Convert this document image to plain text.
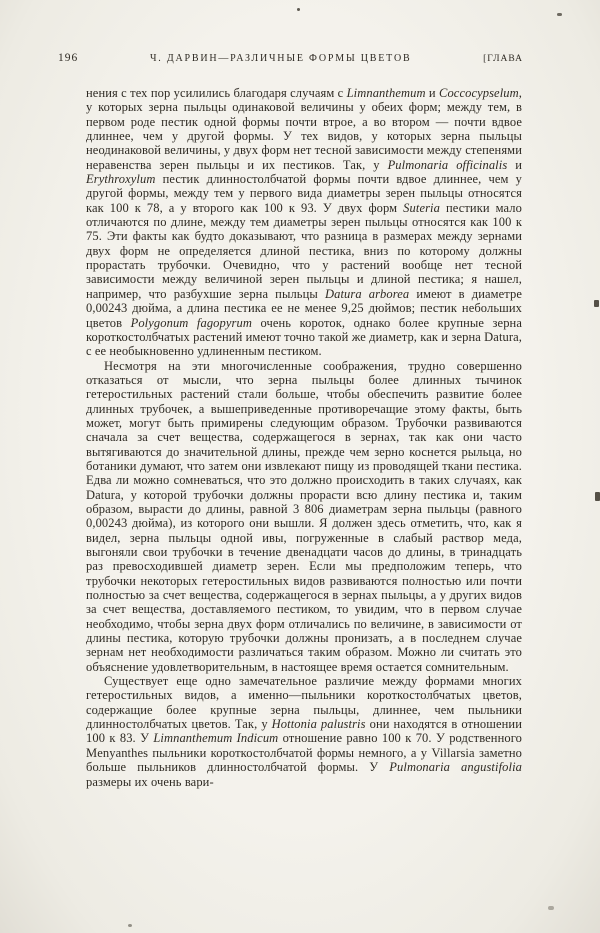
196	Ч. ДАРВИН—РАЗЛИЧНЫЕ ФОРМЫ ЦВЕТОВ	[ГЛАВА

нения с тех пор усилились благодаря случаям с Limnanthemum и Coccocypselum, у которых зерна пыльцы одинаковой величины у обеих форм; между тем, в первом роде пестик одной формы почти втрое, а во втором — почти вдвое длиннее, чем у другой формы. У тех видов, у которых зерна пыльцы неодинаковой величины, у двух форм нет тесной зависимости между степенями неравенства зерен пыльцы и их пестиков. Так, у Pulmonaria officinalis и Erythroxylum пестик длинностолбчатой формы почти вдвое длиннее, чем у другой формы, между тем у первого вида диаметры зерен пыльцы относятся как 100 к 78, а у второго как 100 к 93. У двух форм Suteria пестики мало отличаются по длине, между тем диаметры зерен пыльцы относятся как 100 к 75. Эти факты как будто доказывают, что разница в размерах между зернами двух форм не определяется длиной пестика, вниз по которому должны прорастать трубочки. Очевидно, что у растений вообще нет тесной зависимости между величиной зерен пыльцы и длиной пестика; я нашел, например, что разбухшие зерна пыльцы Datura arborea имеют в диаметре 0,00243 дюйма, а длина пестика ее не менее 9,25 дюймов; пестик небольших цветов Polygonum fagopyrum очень короток, однако более крупные зерна короткостолбчатых растений имеют точно такой же диаметр, как и зерна Datura, с ее необыкновенно удлиненным пестиком.

Несмотря на эти многочисленные соображения, трудно совершенно отказаться от мысли, что зерна пыльцы более длинных тычинок гетеростильных растений стали больше, чтобы обеспечить развитие более длинных трубочек, а вышеприведенные противоречащие этому факты, быть может, могут быть примирены следующим образом. Трубочки развиваются сначала за счет вещества, содержащегося в зернах, так как они часто вытягиваются до значительной длины, прежде чем зерно коснется рыльца, но ботаники думают, что затем они извлекают пищу из проводящей ткани пестика. Едва ли можно сомневаться, что это должно происходить в таких случаях, как Datura, у которой трубочки должны прорасти всю длину пестика и, таким образом, вырасти до длины, равной 3 806 диаметрам зерна пыльцы (равного 0,00243 дюйма), из которого они вышли. Я должен здесь отметить, что, как я видел, зерна пыльцы одной ивы, погруженные в слабый раствор меда, выгоняли свои трубочки в течение двенадцати часов до длины, в тринадцать раз превосходившей диаметр зерен. Если мы предположим теперь, что трубочки некоторых гетеростильных видов развиваются полностью или почти полностью за счет вещества, содержащегося в зернах пыльцы, а у других видов за счет вещества, доставляемого пестиком, то увидим, что в первом случае необходимо, чтобы зерна двух форм отличались по величине, в зависимости от длины пестика, которую трубочки должны пронизать, а в последнем случае зернам нет необходимости различаться таким образом. Можно ли считать это объяснение удовлетворительным, в настоящее время остается сомнительным.

Существует еще одно замечательное различие между формами многих гетеростильных видов, а именно—пыльники короткостолбчатых цветов, содержащие более крупные зерна пыльцы, длиннее, чем пыльники длинностолбчатых цветов. Так, у Hottonia palustris они находятся в отношении 100 к 83. У Limnanthemum Indicum отношение равно 100 к 70. У родственного Menyanthes пыльники короткостолбчатой формы немного, а у Villarsia заметно больше пыльников длинностолбчатой формы. У Pulmonaria angustifolia размеры их очень вари-
